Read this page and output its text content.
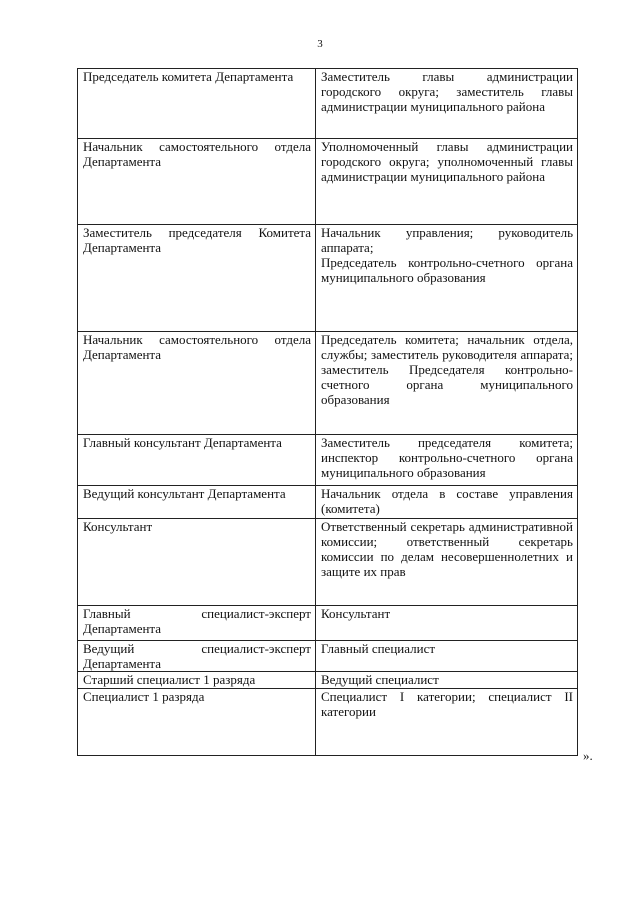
3
Председатель комитета Департамента	Заместитель главы администрации городского округа; заместитель главы администрации муниципального района
Начальник самостоятельного отдела Департамента	Уполномоченный главы администрации городского округа; уполномоченный главы администрации муниципального района
Заместитель председателя Комитета Департамента	Начальник управления; руководитель аппарата;
Председатель контрольно-счетного органа муниципального образования

Начальник самостоятельного отдела Департамента	Председатель комитета; начальник отдела, службы; заместитель руководителя аппарата; заместитель Председателя контрольно-счетного органа муниципального образования
Главный консультант Департамента	Заместитель председателя комитета; инспектор контрольно-счетного органа муниципального образования
Ведущий консультант Департамента	Начальник отдела в составе управления (комитета)
Консультант	Ответственный секретарь административной комиссии; ответственный секретарь комиссии по делам несовершеннолетних и защите их прав
Главный специалист-эксперт Департамента	Консультант
Ведущий специалист-эксперт Департамента	Главный специалист
Старший специалист 1 разряда	Ведущий специалист
Специалист 1 разряда	Специалист I категории; специалист II категории
».
